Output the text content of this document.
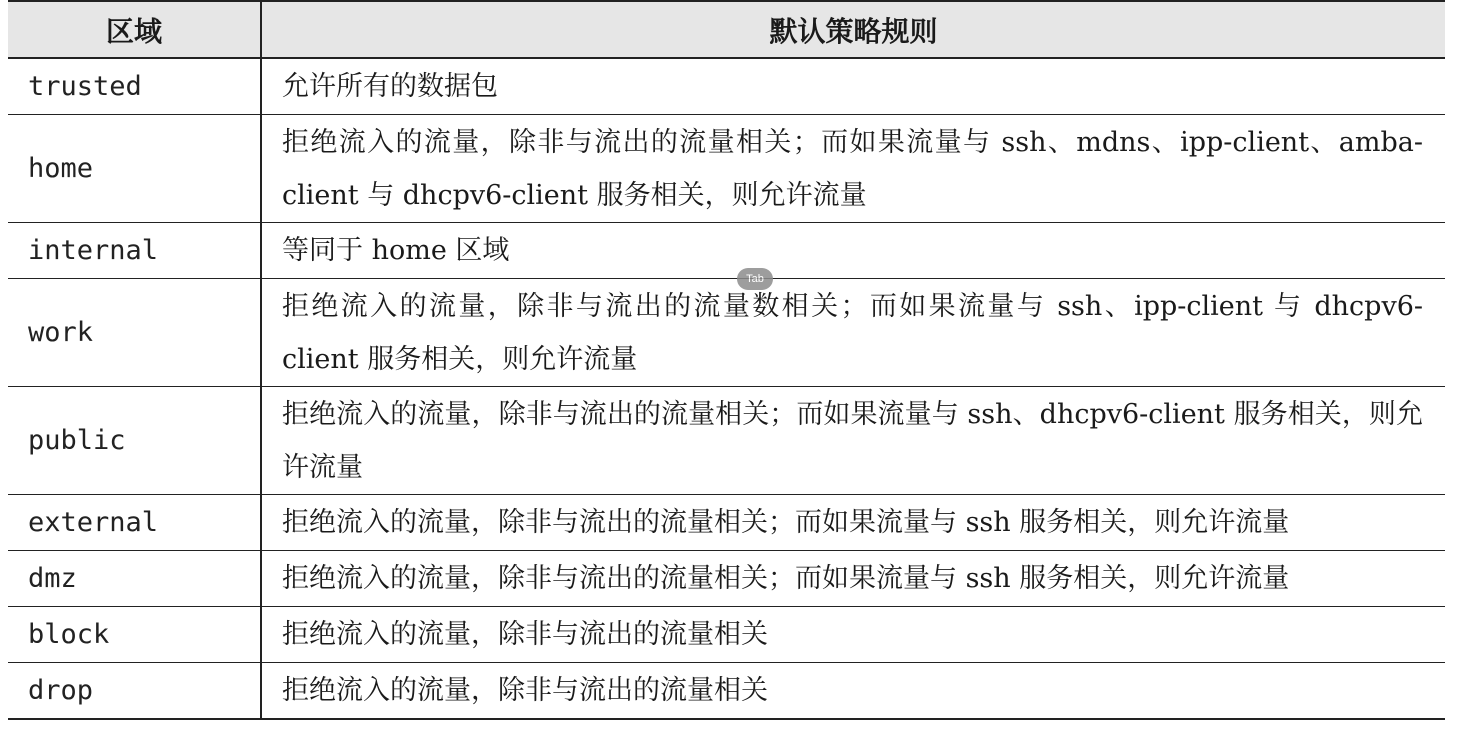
区域	默认策略规则
trusted	允许所有的数据包
home	拒绝流入的流量，除非与流出的流量相关；而如果流量与 ssh、mdns、ipp-client、amba-client 与 dhcpv6-client 服务相关，则允许流量
internal	等同于 home 区域
work	拒绝流入的流量，除非与流出的流量数相关；而如果流量与 ssh、ipp-client 与 dhcpv6-client 服务相关，则允许流量
public	拒绝流入的流量，除非与流出的流量相关；而如果流量与 ssh、dhcpv6-client 服务相关，则允许流量
external	拒绝流入的流量，除非与流出的流量相关；而如果流量与 ssh 服务相关，则允许流量
dmz	拒绝流入的流量，除非与流出的流量相关；而如果流量与 ssh 服务相关，则允许流量
block	拒绝流入的流量，除非与流出的流量相关
drop	拒绝流入的流量，除非与流出的流量相关
Tab
